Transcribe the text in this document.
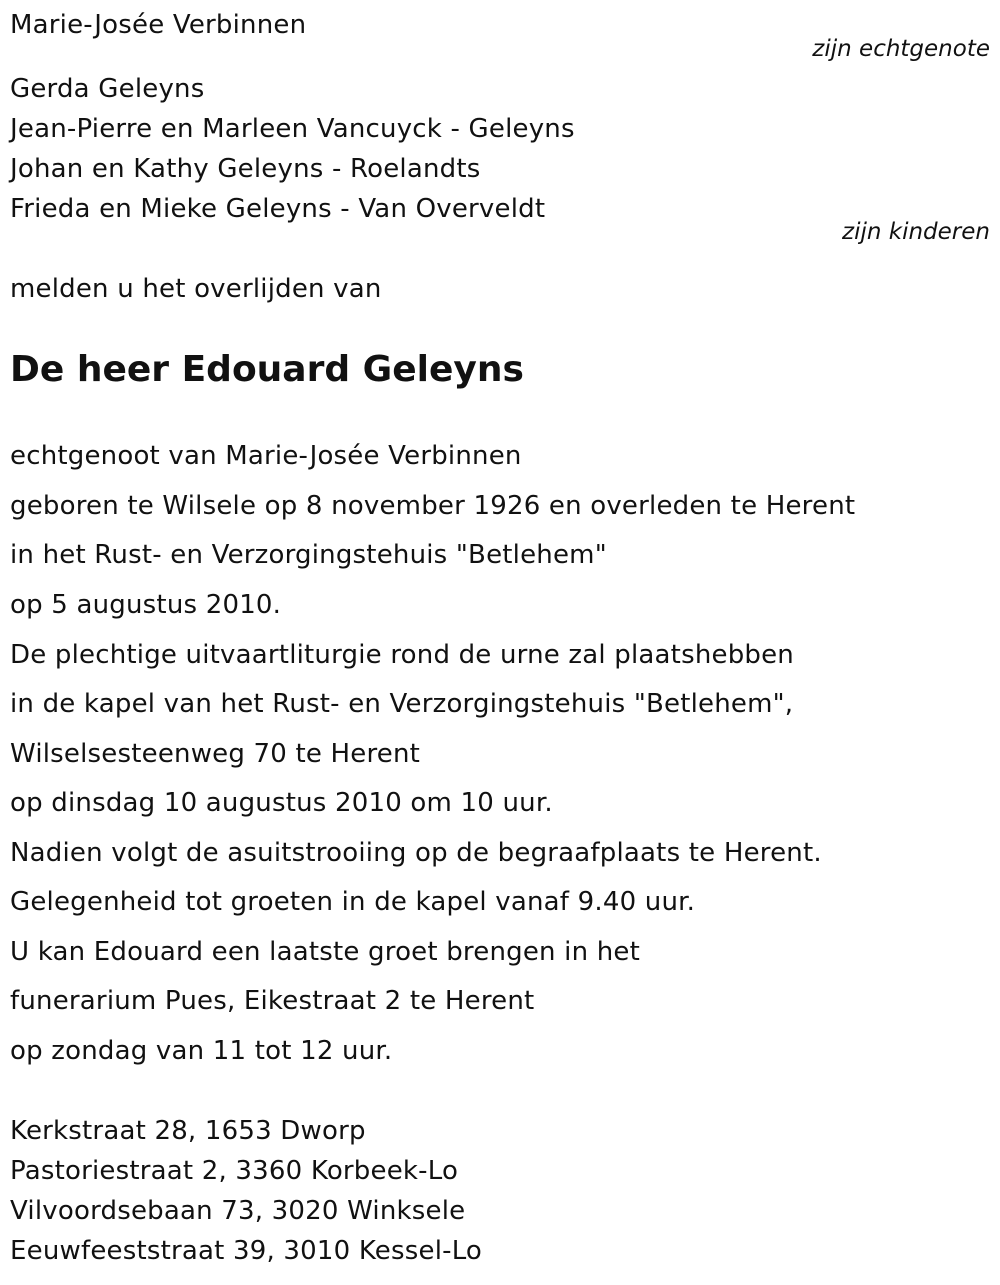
Marie-Josée Verbinnen
zijn echtgenote
Gerda Geleyns
Jean-Pierre en Marleen Vancuyck - Geleyns
Johan en Kathy Geleyns - Roelandts
Frieda en Mieke Geleyns - Van Overveldt
zijn kinderen
melden u het overlijden van
De heer Edouard Geleyns
echtgenoot van Marie-Josée Verbinnen
geboren te Wilsele op 8 november 1926 en overleden te Herent
in het Rust- en Verzorgingstehuis "Betlehem"
op 5 augustus 2010.
De plechtige uitvaartliturgie rond de urne zal plaatshebben
in de kapel van het Rust- en Verzorgingstehuis "Betlehem",
Wilselsesteenweg 70 te Herent
op dinsdag 10 augustus 2010 om 10 uur.
Nadien volgt de asuitstrooiing op de begraafplaats te Herent.
Gelegenheid tot groeten in de kapel vanaf 9.40 uur.
U kan Edouard een laatste groet brengen in het
funerarium Pues, Eikestraat 2 te Herent
op zondag van 11 tot 12 uur.
Kerkstraat 28, 1653 Dworp
Pastoriestraat 2, 3360 Korbeek-Lo
Vilvoordsebaan 73, 3020 Winksele
Eeuwfeeststraat 39, 3010 Kessel-Lo
